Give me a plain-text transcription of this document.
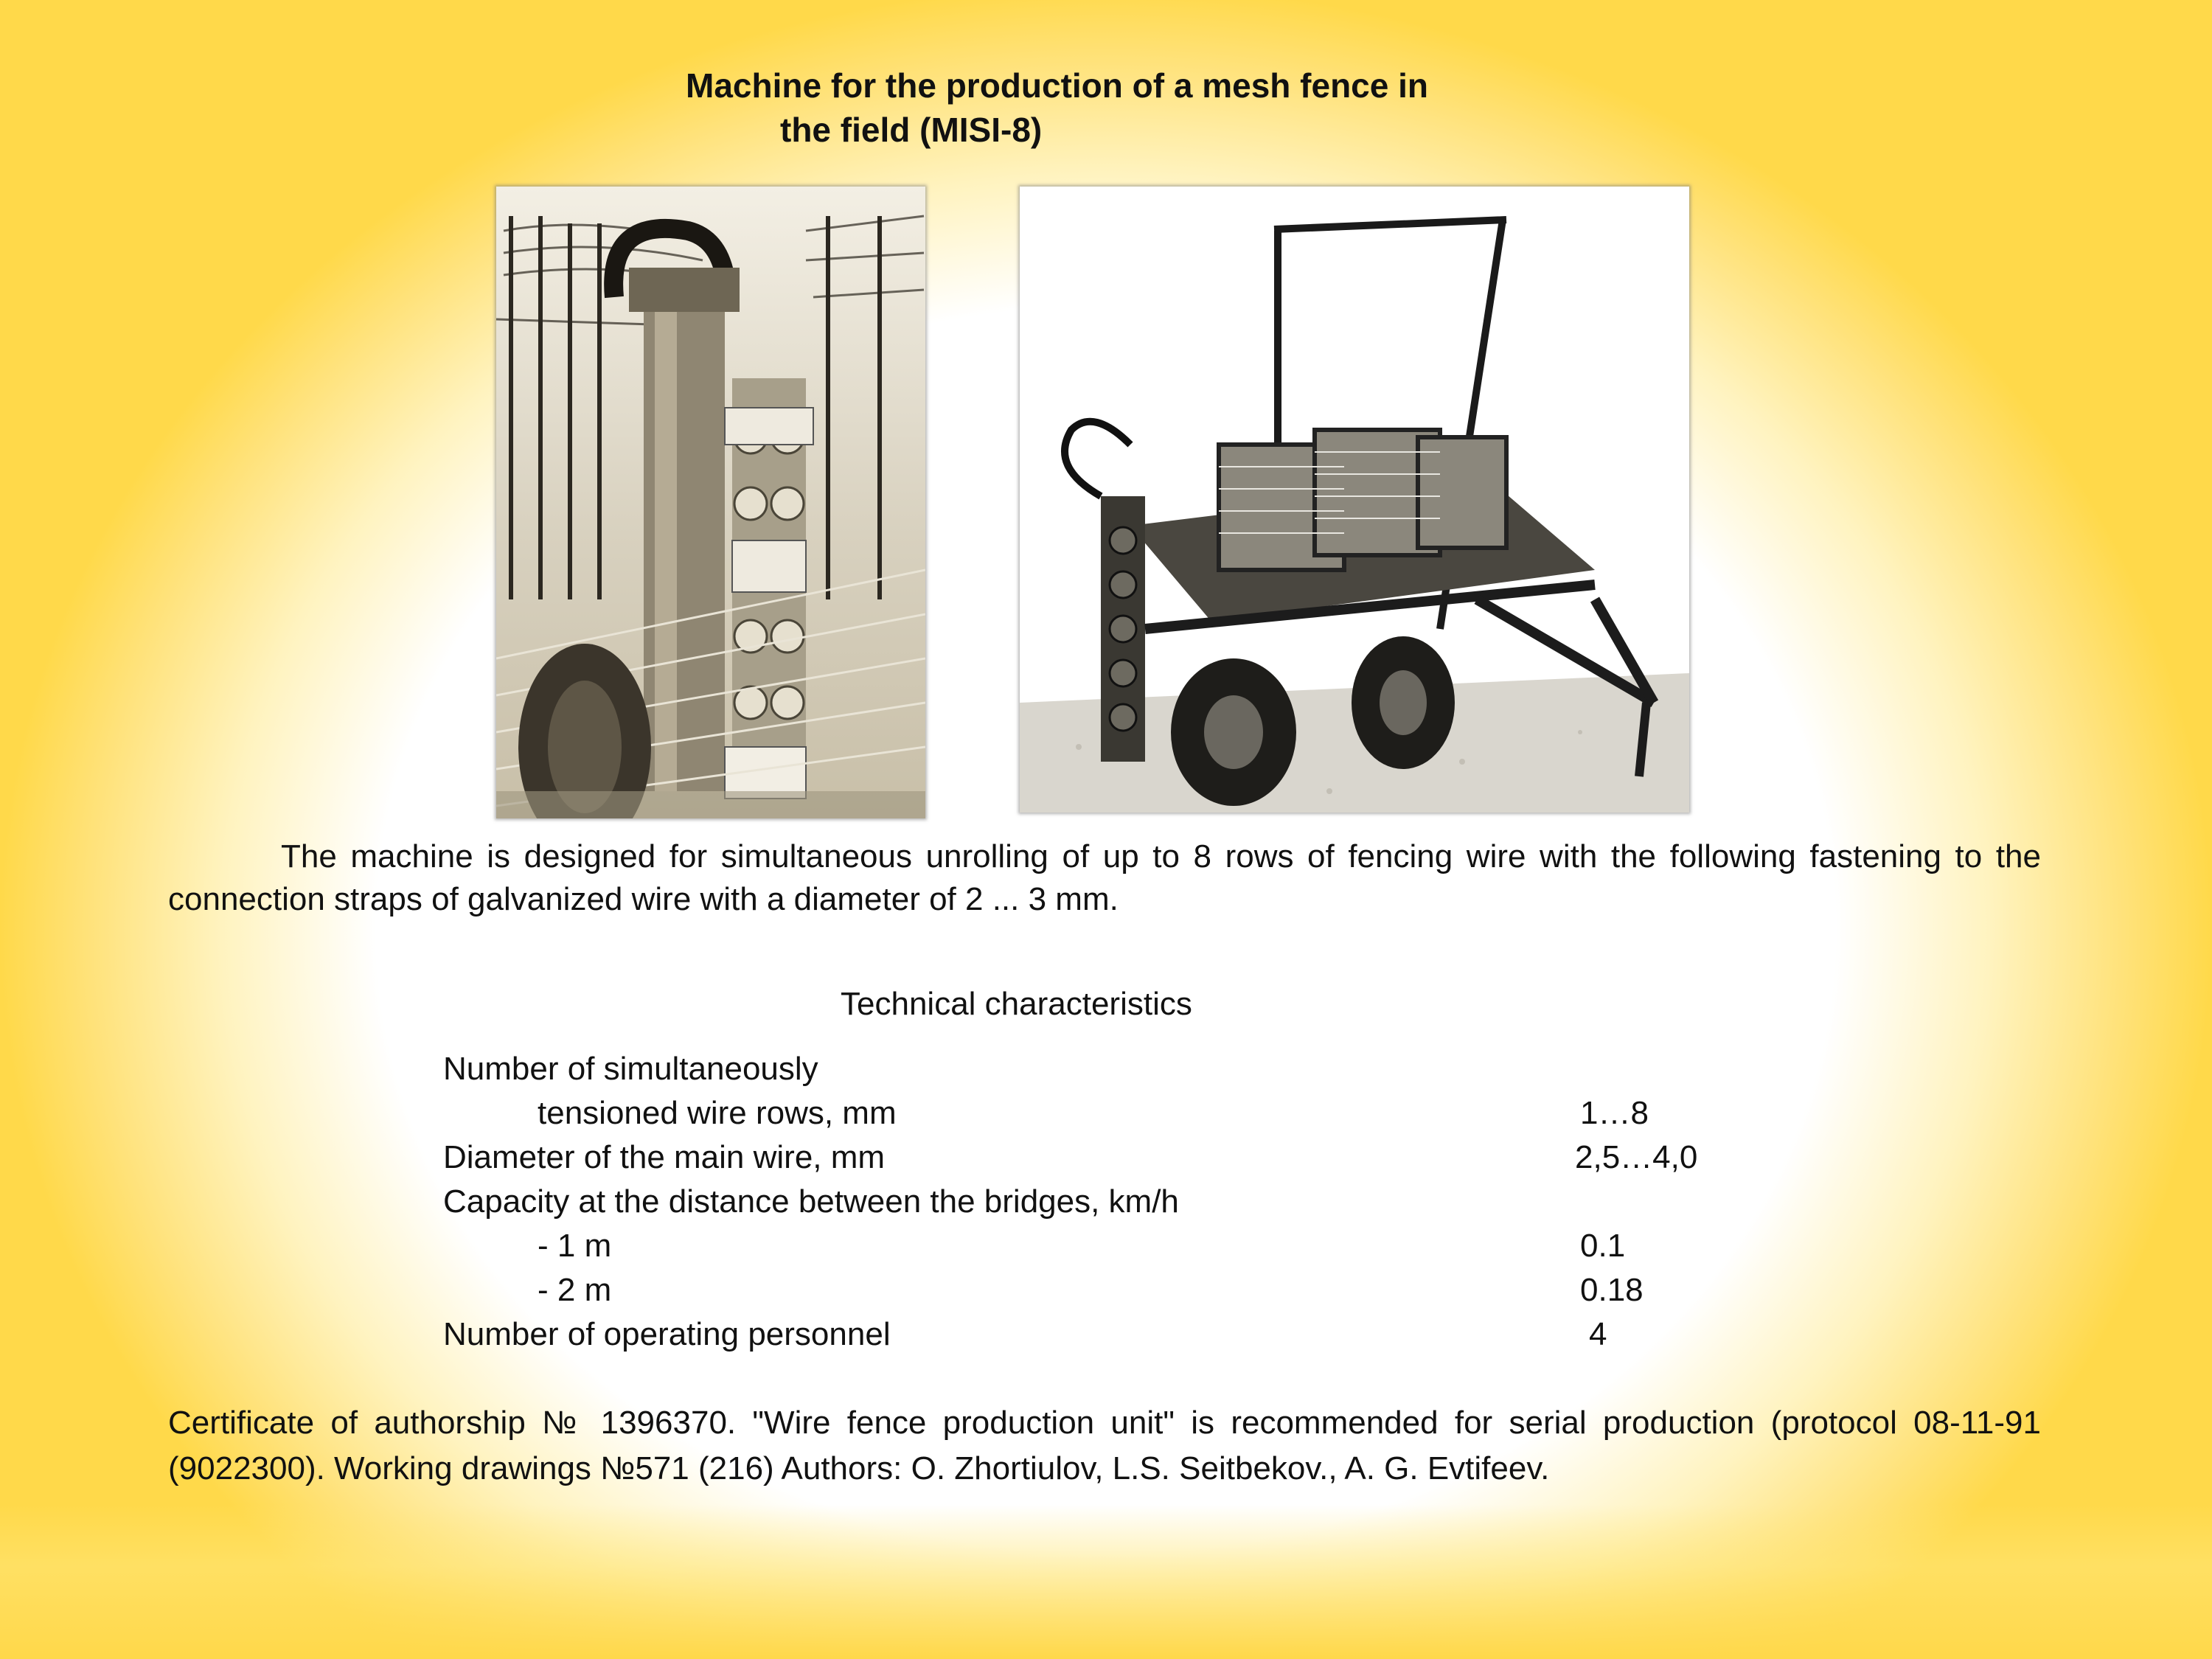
Machine for the production of a mesh fence in
the field (MISI-8)
The machine is designed for simultaneous unrolling of up to 8 rows of fencing wire with the following fastening to the connection straps of galvanized wire with a diameter of 2 ... 3 mm.
Technical characteristics
Number of simultaneously
tensioned wire rows, mm	1…8
Diameter of the main wire, mm	2,5…4,0
Capacity at the distance between the bridges, km/h
- 1 m	0.1
- 2 m	0.18
Number of operating personnel	4
Certificate of authorship № 1396370. "Wire fence production unit" is recommended for serial production (protocol 08-11-91 (9022300). Working drawings №571 (216) Authors: O. Zhortiulov, L.S. Seitbekov., A. G. Evtifeev.
